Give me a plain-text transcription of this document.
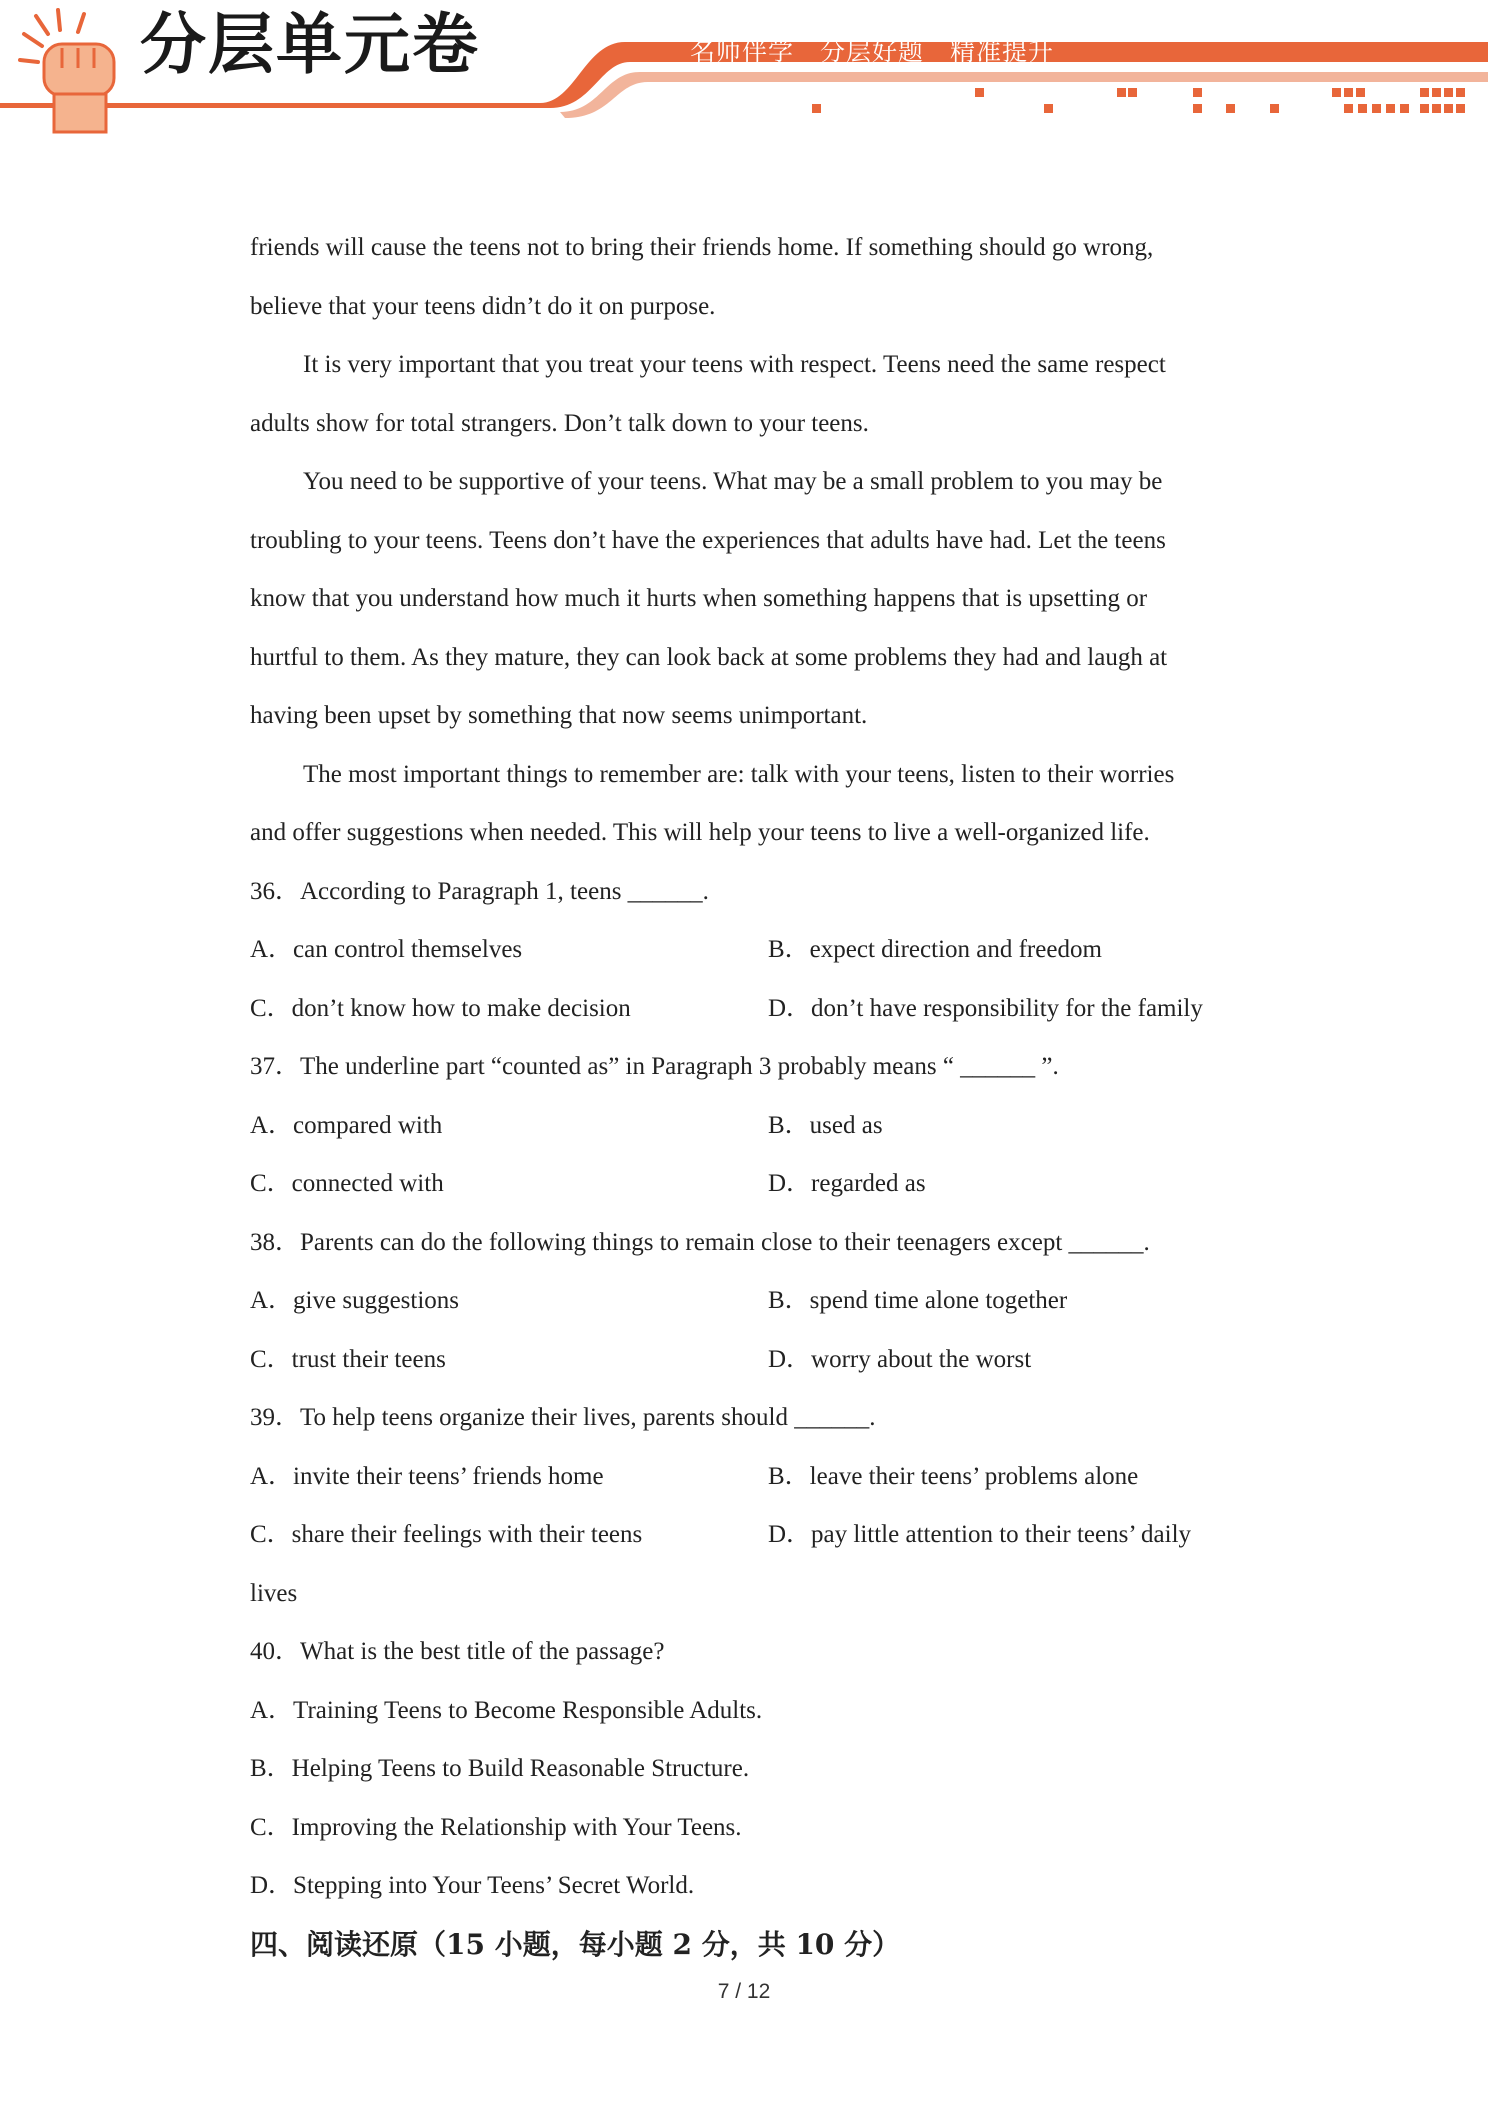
分层单元卷	名师伴学　分层好题　精准提升
friends will cause the teens not to bring their friends home. If something should go wrong,
believe that your teens didn’t do it on purpose.
It is very important that you treat your teens with respect. Teens need the same respect
adults show for total strangers. Don’t talk down to your teens.
You need to be supportive of your teens. What may be a small problem to you may be
troubling to your teens. Teens don’t have the experiences that adults have had. Let the teens
know that you understand how much it hurts when something happens that is upsetting or
hurtful to them. As they mature, they can look back at some problems they had and laugh at
having been upset by something that now seems unimportant.
The most important things to remember are: talk with your teens, listen to their worries
and offer suggestions when needed. This will help your teens to live a well-organized life.
36．According to Paragraph 1, teens ______.
A．can control themselves	B．expect direction and freedom
C．don’t know how to make decision	D．don’t have responsibility for the family
37．The underline part “counted as” in Paragraph 3 probably means “ ______ ”.
A．compared with	B．used as
C．connected with	D．regarded as
38．Parents can do the following things to remain close to their teenagers except ______.
A．give suggestions	B．spend time alone together
C．trust their teens	D．worry about the worst
39．To help teens organize their lives, parents should ______.
A．invite their teens’ friends home	B．leave their teens’ problems alone
C．share their feelings with their teens	D．pay little attention to their teens’ daily
lives
40．What is the best title of the passage?
A．Training Teens to Become Responsible Adults.
B．Helping Teens to Build Reasonable Structure.
C．Improving the Relationship with Your Teens.
D．Stepping into Your Teens’ Secret World.
四、阅读还原（15 小题，每小题 2 分，共 10 分）
7 / 12
